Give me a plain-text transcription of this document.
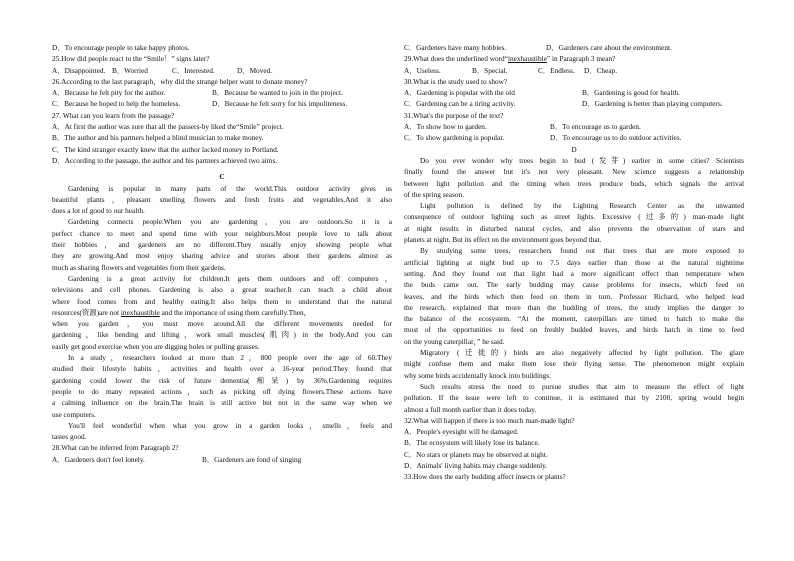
D．To encourage people to take happy photos.
25.How did people react to the “Smile！” signs later?
A．Disappointed. B．Worried	C．Interested.	D．Moved.
26.According to the last paragraph，why did the strange helper want to donate money?
A．Because he felt pity for the author.	B．Because he wanted to join in the project.
C．Because he hoped to help the homeless.	D．Because he felt sorry for his impoliteness.
27. What can you learn from the passage?
A．At first the author was sure that all the passers-by liked the“Smile” project.
B．The author and his partners helped a blind musician to make money.
C．The kind stranger exactly knew that the author lacked money to Portland.
D．According to the passage, the author and his partners achieved two aims.
C
Gardening is popular in many parts of the world.This outdoor activity gives us
beautiful plants，pleasant smelling flowers and fresh fruits and vegetables.And it also
does a lot of good to our health.
Gardening connects people.When you are gardening，you are outdoors.So it is a
perfect chance to meet and spend time with your neighbors.Most people love to talk about
their hobbies，and gardeners are no different.They usually enjoy showing people what
they are growing.And most enjoy sharing advice and stories about their gardens almost as
much as sharing flowers and vegetables from their gardens.
Gardening is a great activity for children.It gets them outdoors and off computers，
televisions and cell phones. Gardening is also a great teacher.It can teach a child about
where food comes from and healthy eating.It also helps them to understand that the natural
resources(资源)are not inexhaustible and the importance of using them carefully.Then，
when you garden，you must move around.All the different movements needed for
gardening，like bending and lifting，work small muscles(肌肉) in the body.And you can
easily get good exercise when you are digging holes or pulling grasses.
In a study，researchers looked at more than 2，800 people over the age of 60.They
studied their lifestyle habits，activities and health over a 16-year period.They found that
gardening could lower the risk of future dementia(痴呆) by 36%.Gardening requires
people to do many repeated actions，such as picking off dying flowers.These actions have
a calming influence on the brain.The brain is still active but not in the same way when we
use computers.
You'll feel wonderful when what you grow in a garden looks，smells，feels and
tastes good.
28.What can be inferred from Paragraph 2?
A．Gardeners don't feel lonely.	B．Gardeners are fond of singing
C．Gardeners have many hobbies.	D．Gardeners care about the environment.
29.What does the underlined word“inexhaustible” in Paragraph 3 mean?
A．Useless.	B．Special.	C．Endless.	D．Cheap.
30.What is the study used to show?
A．Gardening is popular with the old	B．Gardening is good for health.
C．Gardening can be a tiring activity.	D．Gardening is better than playing computers.
31.What's the purpose of the text?
A．To show how to garden.	B．To encourage us to garden.
C．To show gardening is popular.	D．To encourage us to do outdoor activities.
D
Do you ever wonder why trees begin to bud (发芽) earlier in some cities? Scientists
finally found the answer but it's not very pleasant. New science suggests a relationship
between light pollution and the timing when trees produce buds, which signals the arrival
of the spring season.
Light pollution is defined by the Lighting Research Center as the unwanted
consequence of outdoor lighting such as street lights. Excessive (过多的) man-made light
at night results in disturbed natural cycles, and also prevents the observation of stars and
planets at night. But its effect on the environment goes beyond that.
By studying some trees, researchers found out that trees that are more exposed to
artificial lighting at night bud up to 7.5 days earlier than those at the natural nighttime
setting. And they found out that light had a more significant effect than temperature when
the buds came out. The early budding may cause problems for insects, which feed on
leaves, and the birds which then feed on them in turn. Professor Richard, who helped lead
the research, explained that more than the budding of trees, the study implies the danger to
the balance of the ecosystem. “At the moment, caterpillars are timed to hatch to make the
most of the opportunities to feed on freshly budded leaves, and birds hatch in time to feed
on the young caterpillar，” he said.
Migratory (迁徙的) birds are also negatively affected by light pollution. The glare
might confuse them and make them lose their flying sense. The phenomenon might explain
why some birds accidentally knock into buildings.
Such results stress the need to pursue studies that aim to measure the effect of light
pollution. If the issue were left to continue, it is estimated that by 2100, spring would begin
almost a full month earlier than it does today.
32.What will happen if there is too much man-made light?
A．People's eyesight will be damaged.
B．The ecosystem will likely lose its balance.
C．No stars or planets may be observed at night.
D．Animals' living habits may change suddenly.
33.How does the early budding affect insects or plants?
